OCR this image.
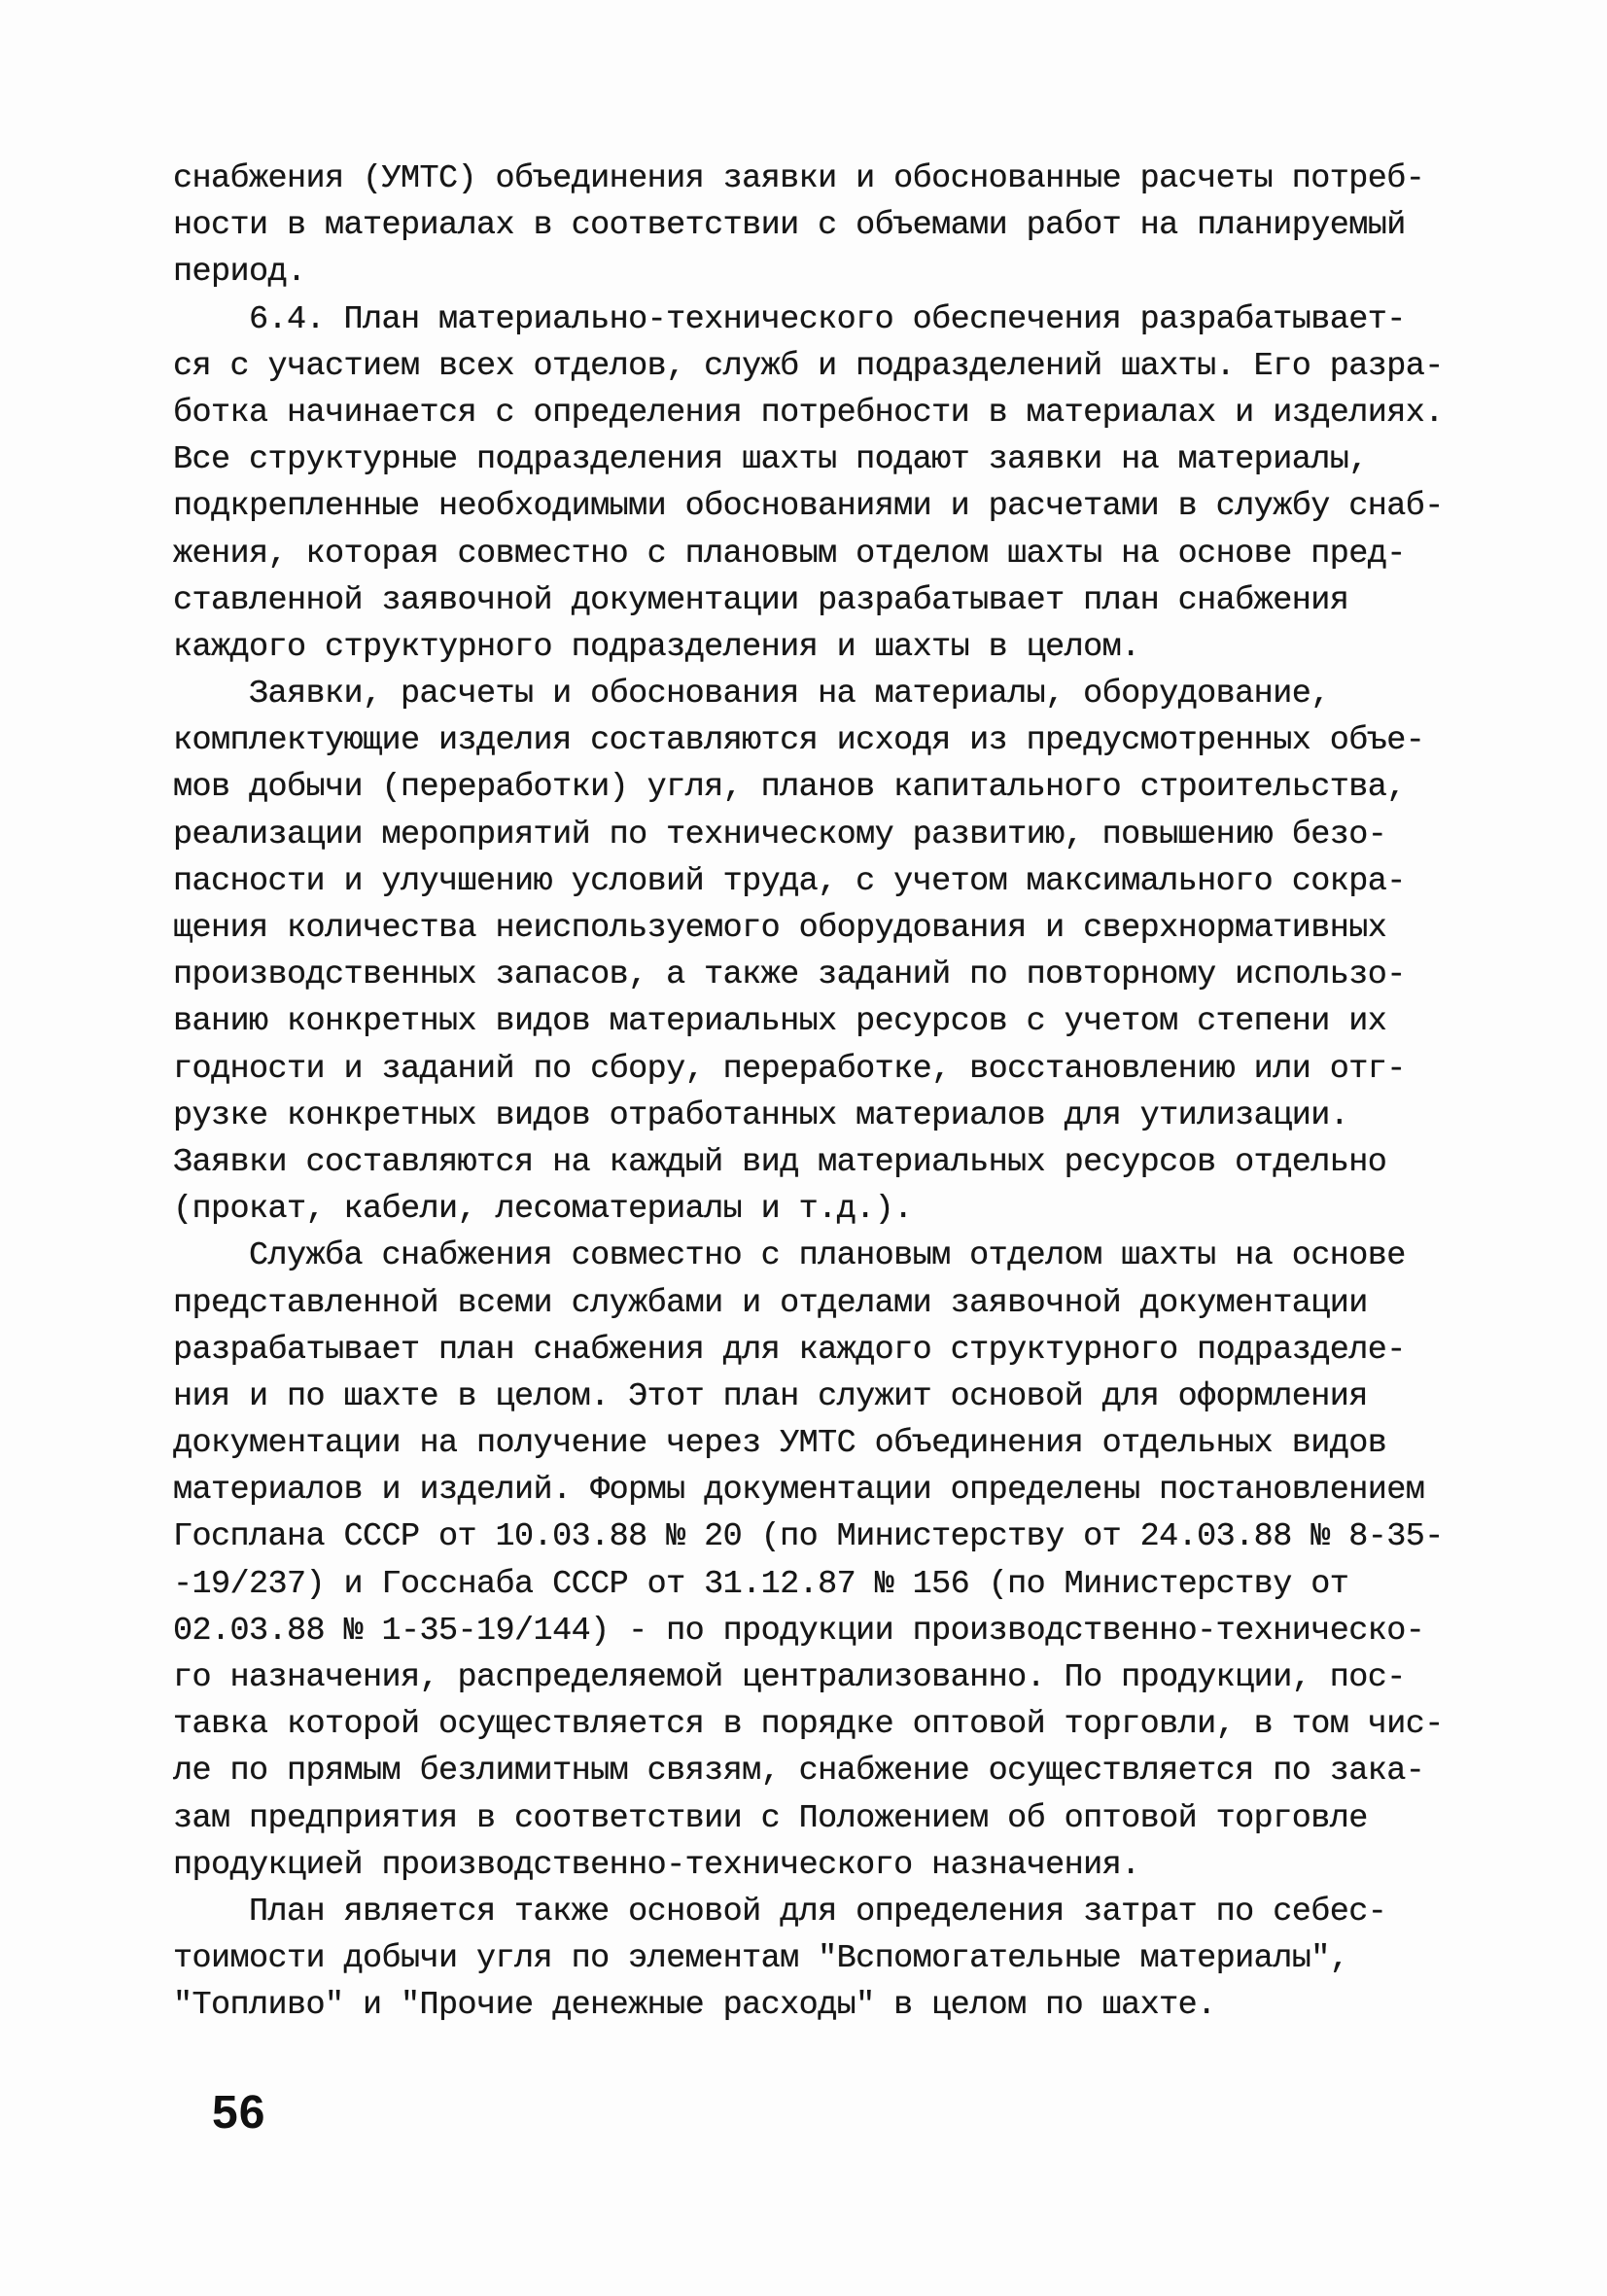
снабжения (УМТС) объединения заявки и обоснованные расчеты потреб-
ности в материалах в соответствии с объемами работ на планируемый
период.
6.4. План материально-технического обеспечения разрабатывает-
ся с участием всех отделов, служб и подразделений шахты. Его разра-
ботка начинается с определения потребности в материалах и изделиях.
Все структурные подразделения шахты подают заявки на материалы,
подкрепленные необходимыми обоснованиями и расчетами в службу снаб-
жения, которая совместно с плановым отделом шахты на основе пред-
ставленной заявочной документации разрабатывает план снабжения
каждого структурного подразделения и шахты в целом.
Заявки, расчеты и обоснования на материалы, оборудование,
комплектующие изделия составляются исходя из предусмотренных объе-
мов добычи (переработки) угля, планов капитального строительства,
реализации мероприятий по техническому развитию, повышению безо-
пасности и улучшению условий труда, с учетом максимального сокра-
щения количества неиспользуемого оборудования и сверхнормативных
производственных запасов, а также заданий по повторному использо-
ванию конкретных видов материальных ресурсов с учетом степени их
годности и заданий по сбору, переработке, восстановлению или отг-
рузке конкретных видов отработанных материалов для утилизации.
Заявки составляются на каждый вид материальных ресурсов отдельно
(прокат, кабели, лесоматериалы и т.д.).
Служба снабжения совместно с плановым отделом шахты на основе
представленной всеми службами и отделами заявочной документации
разрабатывает план снабжения для каждого структурного подразделе-
ния и по шахте в целом. Этот план служит основой для оформления
документации на получение через УМТС объединения отдельных видов
материалов и изделий. Формы документации определены постановлением
Госплана СССР от 10.03.88 № 20 (по Министерству от 24.03.88 № 8-35-
-19/237) и Госснаба СССР от 31.12.87 № 156 (по Министерству от
02.03.88 № 1-35-19/144) - по продукции производственно-техническо-
го назначения, распределяемой централизованно. По продукции, пос-
тавка которой осуществляется в порядке оптовой торговли, в том чис-
ле по прямым безлимитным связям, снабжение осуществляется по зака-
зам предприятия в соответствии с Положением об оптовой торговле
продукцией производственно-технического назначения.
План является также основой для определения затрат по себес-
тоимости добычи угля по элементам "Вспомогательные материалы",
"Топливо" и "Прочие денежные расходы" в целом по шахте.
56
